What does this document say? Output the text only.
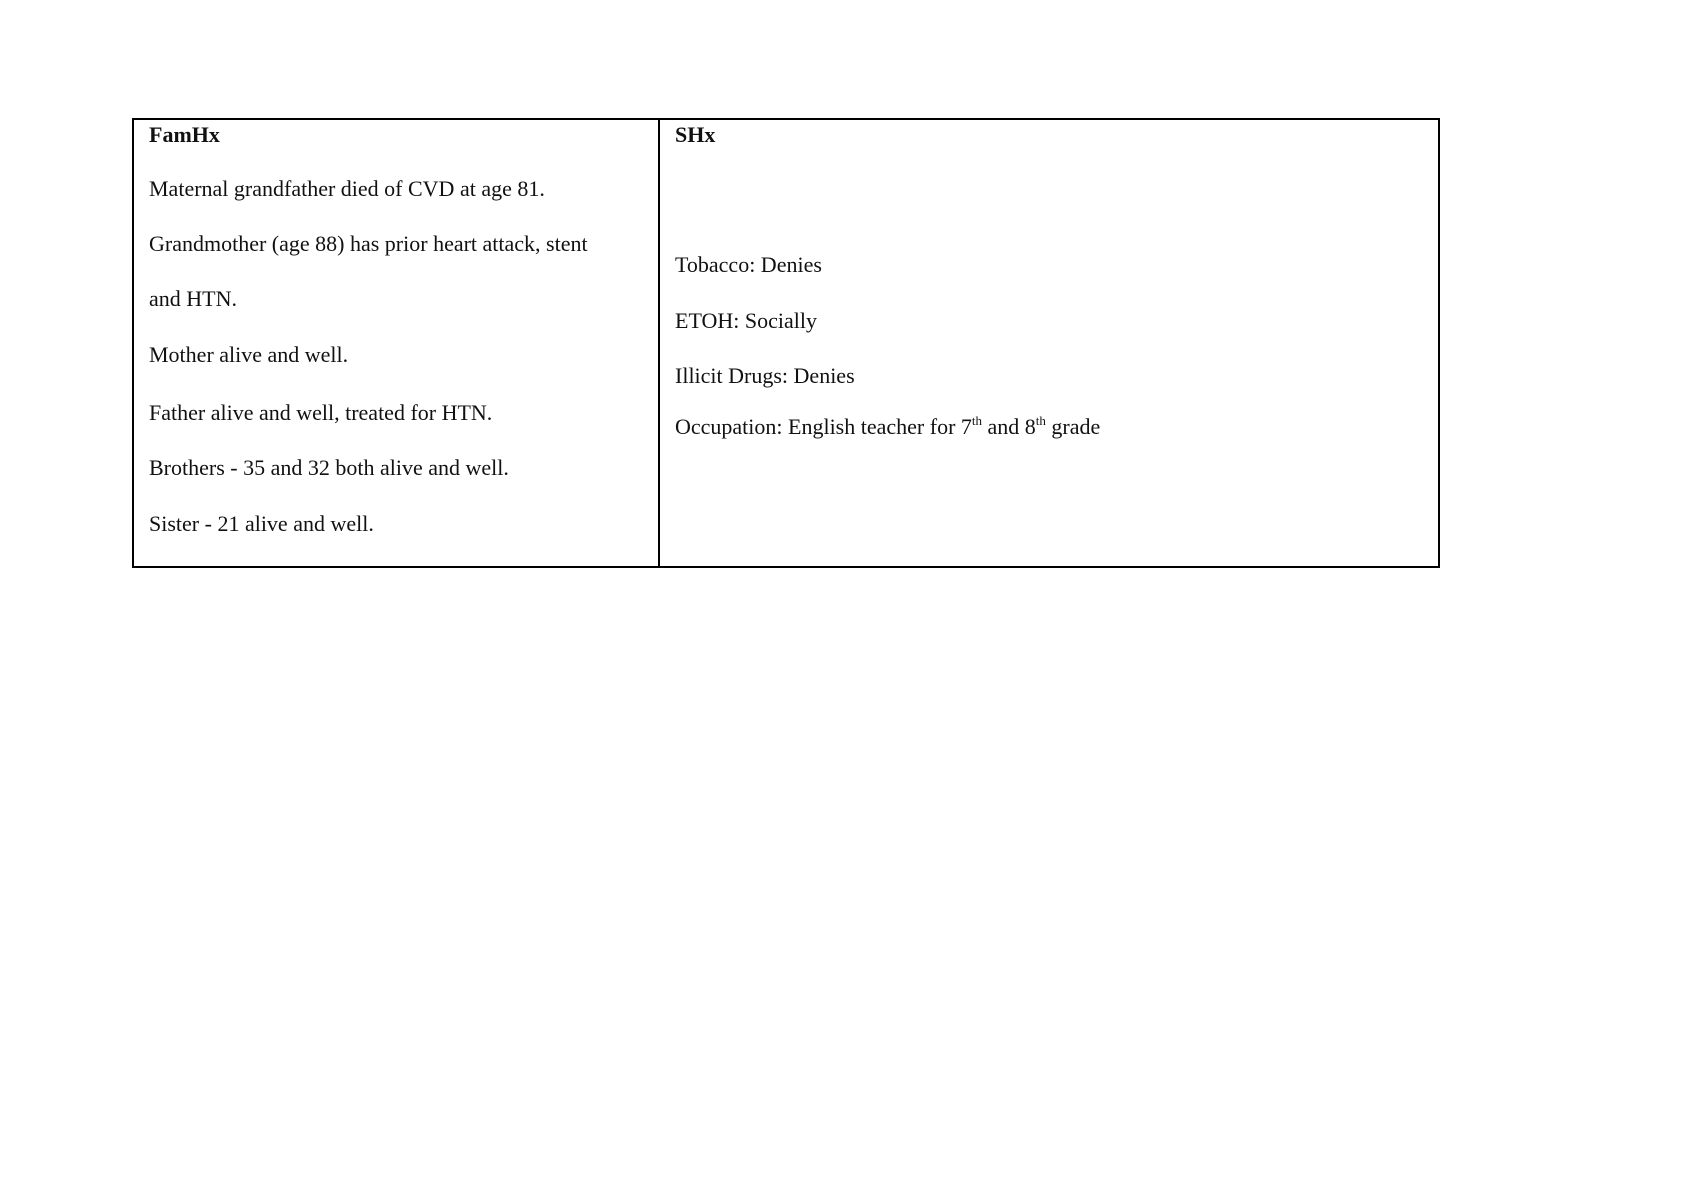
FamHx
Maternal grandfather died of CVD at age 81.
Grandmother (age 88) has prior heart attack, stent
and HTN.
Mother alive and well.
Father alive and well, treated for HTN.
Brothers - 35 and 32 both alive and well.
Sister - 21 alive and well.
SHx
Tobacco: Denies
ETOH: Socially
Illicit Drugs: Denies
Occupation: English teacher for 7th and 8th grade
